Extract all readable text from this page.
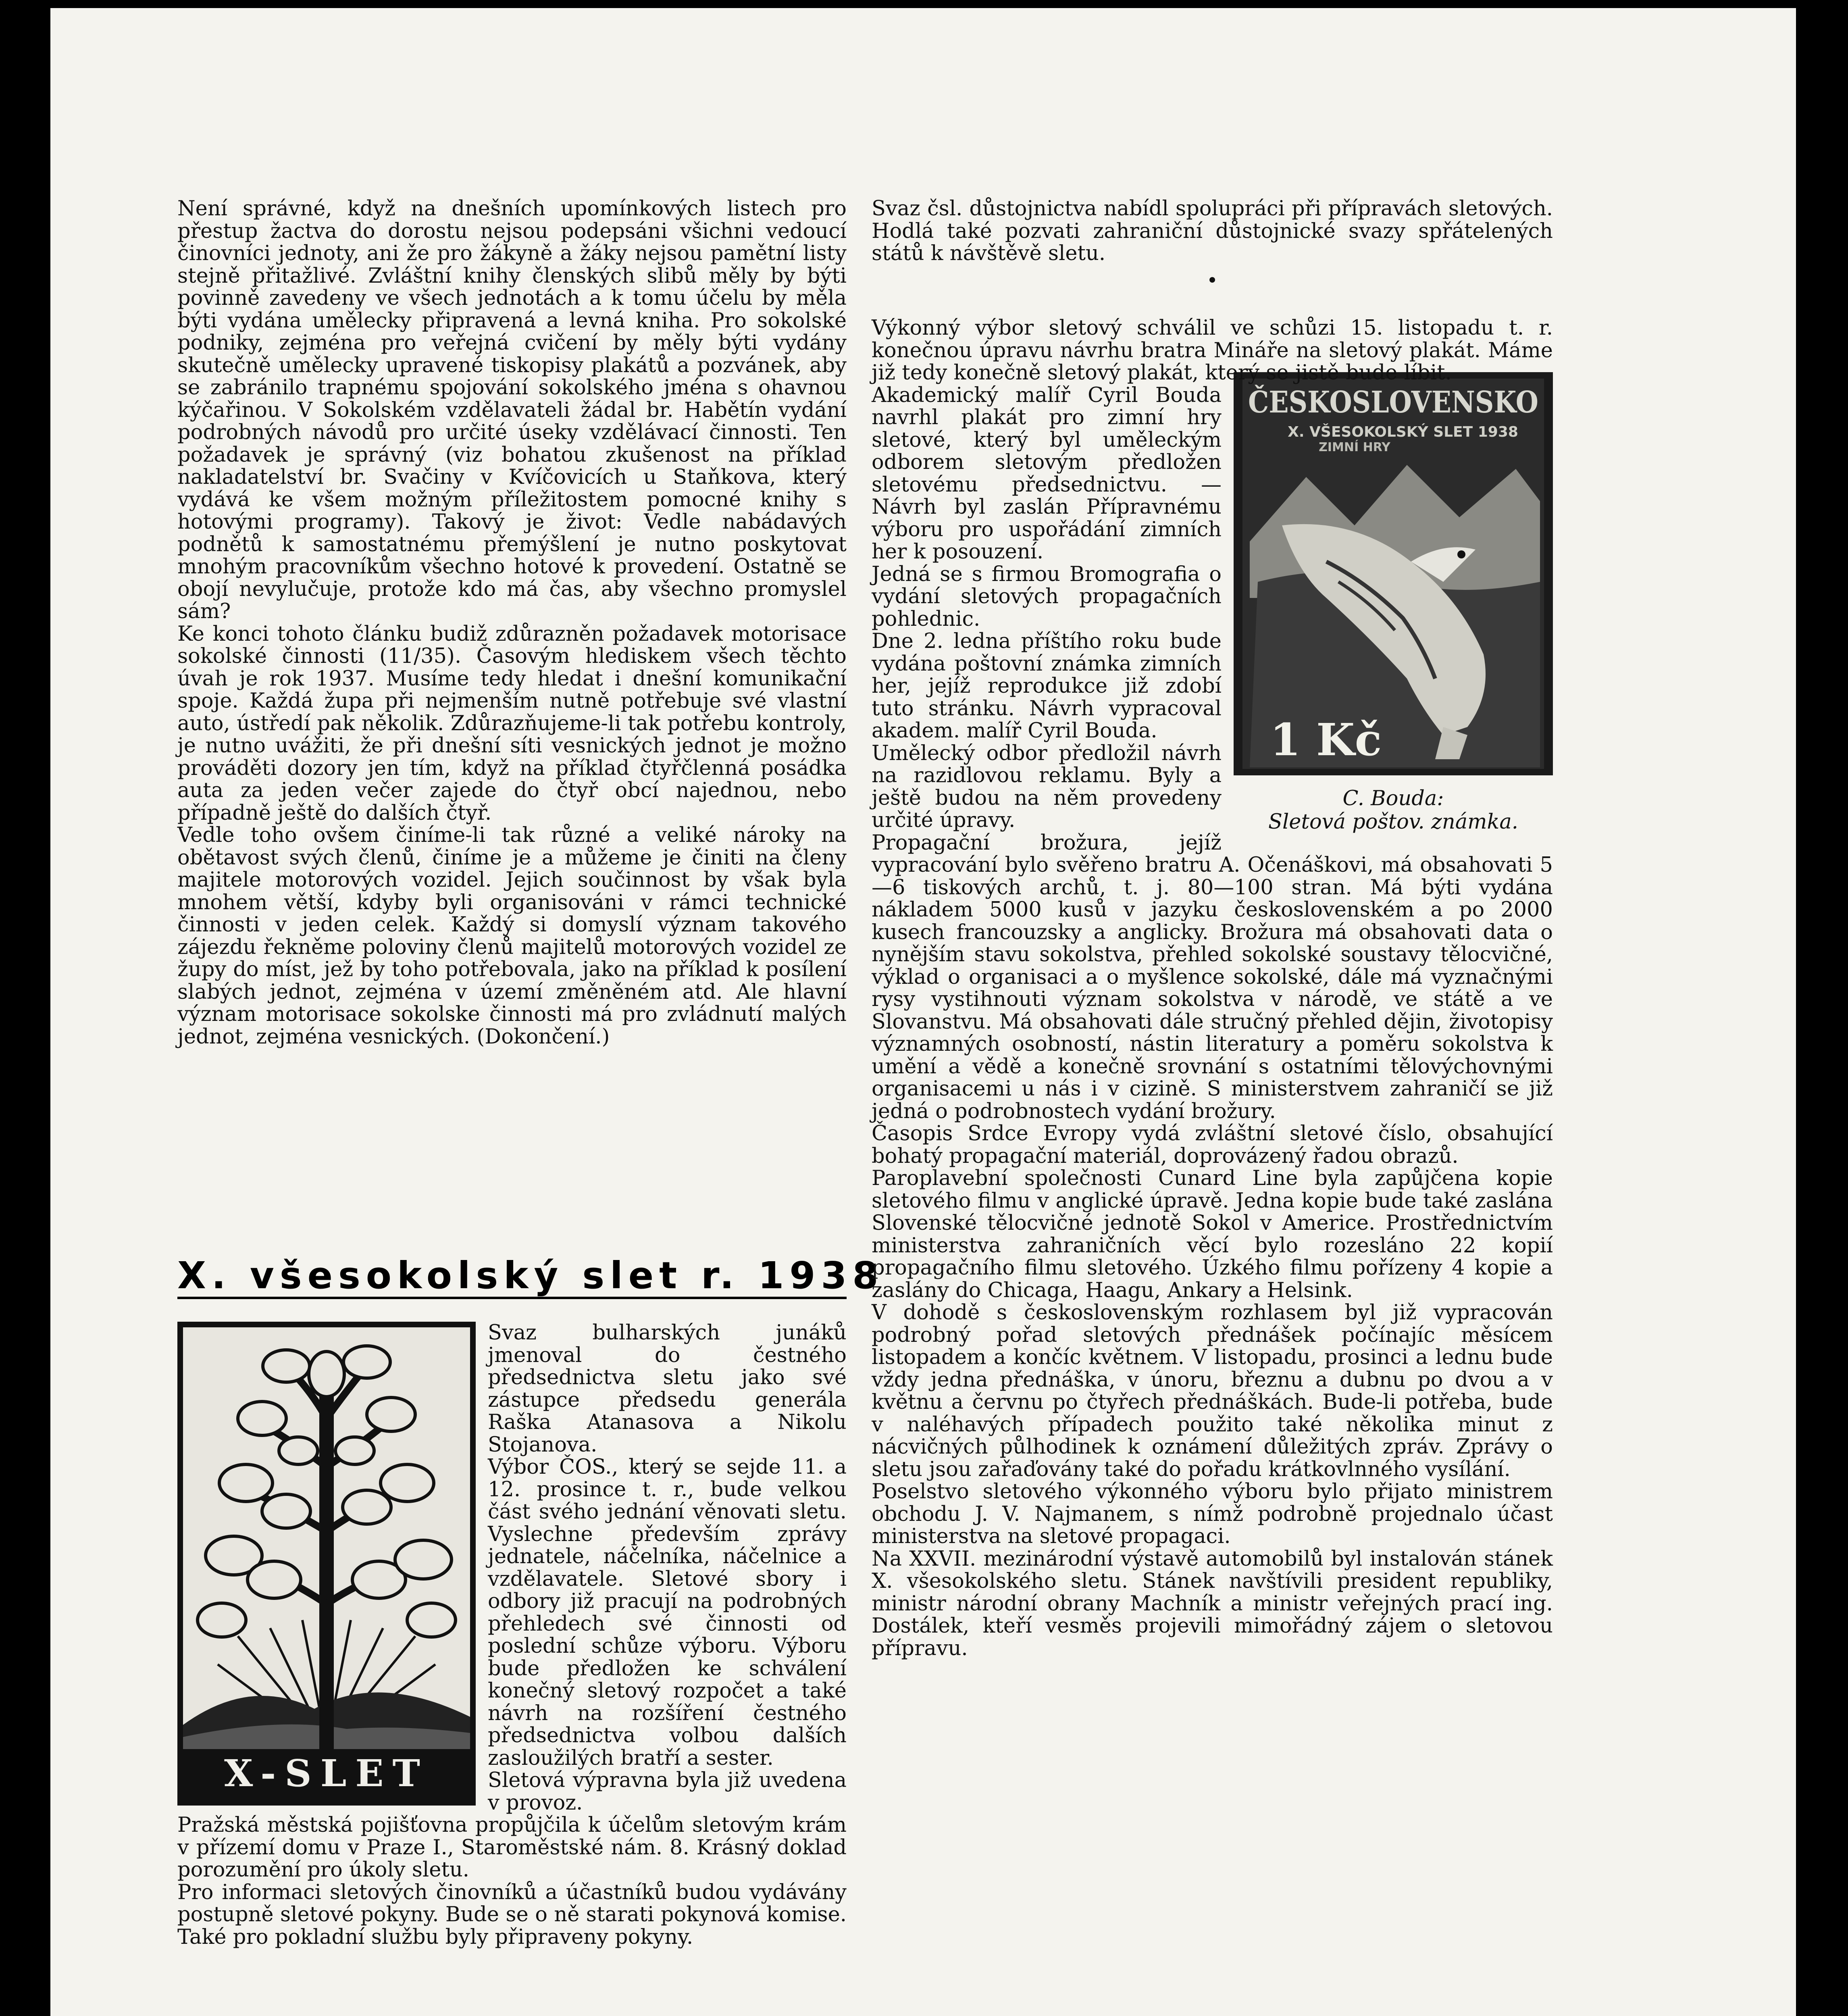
Není správné, když na dnešních upomínkových listech pro přestup žactva do dorostu nejsou podepsáni všichni vedoucí činovníci jednoty, ani že pro žákyně a žáky nejsou pamětní listy stejně přitažlivé. Zvláštní knihy členských slibů měly by býti povinně zavedeny ve všech jednotách a k tomu účelu by měla býti vydána umělecky připravená a levná kniha. Pro sokolské podniky, zejména pro veřejná cvičení by měly býti vydány skutečně umělecky upravené tiskopisy plakátů a pozvánek, aby se zabránilo trapnému spojování sokolského jména s ohavnou kýčařinou. V Sokolském vzdělavateli žádal br. Habětín vydání podrobných návodů pro určité úseky vzdělávací činnosti. Ten požadavek je správný (viz bohatou zkušenost na příklad nakladatelství br. Svačiny v Kvíčovicích u Staňkova, který vydává ke všem možným příležitostem pomocné knihy s hotovými programy). Takový je život: Vedle nabádavých podnětů k samostatnému přemýšlení je nutno poskytovat mnohým pracovníkům všechno hotové k provedení. Ostatně se obojí nevylučuje, protože kdo má čas, aby všechno promyslel sám?

Ke konci tohoto článku budiž zdůrazněn požadavek motorisace sokolské činnosti (11/35). Časovým hlediskem všech těchto úvah je rok 1937. Musíme tedy hledat i dnešní komunikační spoje. Každá župa při nejmenším nutně potřebuje své vlastní auto, ústředí pak několik. Zdůrazňujeme-li tak potřebu kontroly, je nutno uvážiti, že při dnešní síti vesnických jednot je možno prováděti dozory jen tím, když na příklad čtyřčlenná posádka auta za jeden večer zajede do čtyř obcí najednou, nebo případně ještě do dalších čtyř.

Vedle toho ovšem činíme-li tak různé a veliké nároky na obětavost svých členů, činíme je a můžeme je činiti na členy majitele motorových vozidel. Jejich součinnost by však byla mnohem větší, kdyby byli organisováni v rámci technické činnosti v jeden celek. Každý si domyslí význam takového zájezdu řekněme poloviny členů majitelů motorových vozidel ze župy do míst, jež by toho potřebovala, jako na příklad k posílení slabých jednot, zejména v území změněném atd. Ale hlavní význam motorisace sokolske činnosti má pro zvládnutí malých jednot, zejména vesnických. (Dokončení.)

X. všesokolský slet r. 1938
X-SLET

Svaz bulharských junáků jmenoval do čestného předsednictva sletu jako své zástupce předsedu generála Raška Atanasova a Nikolu Stojanova.

Výbor ČOS., který se sejde 11. a 12. prosince t. r., bude velkou část svého jednání věnovati sletu. Vyslechne především zprávy jednatele, náčelníka, náčelnice a vzdělavatele. Sletové sbory i odbory již pracují na podrobných přehledech své činnosti od poslední schůze výboru. Výboru bude předložen ke schválení konečný sletový rozpočet a také návrh na rozšíření čestného předsednictva volbou dalších zasloužilých bratří a sester.

Sletová výpravna byla již uvedena v provoz.

Pražská městská pojišťovna propůjčila k účelům sletovým krám v přízemí domu v Praze I., Staroměstské nám. 8. Krásný doklad porozumění pro úkoly sletu.

Pro informaci sletových činovníků a účastníků budou vydávány postupně sletové pokyny. Bude se o ně starati pokynová komise. Také pro pokladní službu byly připraveny pokyny.

Svaz čsl. důstojnictva nabídl spolupráci při přípravách sletových. Hodlá také pozvati zahraniční důstojnické svazy spřátelených států k návštěvě sletu.

•

Výkonný výbor sletový schválil ve schůzi 15. listopadu t. r. konečnou úpravu návrhu bratra Mináře na sletový plakát. Máme již tedy konečně sletový plakát, který se jistě bude líbit.

ČESKOSLOVENSKO
X. VŠESOKOLSKÝ SLET 1938
ZIMNÍ HRY
1 Kč
C. Bouda:
Sletová poštov. známka.

Akademický malíř Cyril Bouda navrhl plakát pro zimní hry sletové, který byl uměleckým odborem sletovým předložen sletovému předsednictvu. — Návrh byl zaslán Přípravnému výboru pro uspořádání zimních her k posouzení.

Jedná se s firmou Bromografia o vydání sletových propagačních pohlednic.

Dne 2. ledna příštího roku bude vydána poštovní známka zimních her, jejíž reprodukce již zdobí tuto stránku. Návrh vypracoval akadem. malíř Cyril Bouda.

Umělecký odbor předložil návrh na razidlovou reklamu. Byly a ještě budou na něm provedeny určité úpravy.

Propagační brožura, jejíž vypracování bylo svěřeno bratru A. Očenáškovi, má obsahovati 5—6 tiskových archů, t. j. 80—100 stran. Má býti vydána nákladem 5000 kusů v jazyku československém a po 2000 kusech francouzsky a anglicky. Brožura má obsahovati data o nynějším stavu sokolstva, přehled sokolské soustavy tělocvičné, výklad o organisaci a o myšlence sokolské, dále má vyznačnými rysy vystihnouti význam sokolstva v národě, ve státě a ve Slovanstvu. Má obsahovati dále stručný přehled dějin, životopisy významných osobností, nástin literatury a poměru sokolstva k umění a vědě a konečně srovnání s ostatními tělovýchovnými organisacemi u nás i v cizině. S ministerstvem zahraničí se již jedná o podrobnostech vydání brožury.

Časopis Srdce Evropy vydá zvláštní sletové číslo, obsahující bohatý propagační materiál, doprovázený řadou obrazů.

Paroplavební společnosti Cunard Line byla zapůjčena kopie sletového filmu v anglické úpravě. Jedna kopie bude také zaslána Slovenské tělocvičné jednotě Sokol v Americe. Prostřednictvím ministerstva zahraničních věcí bylo rozesláno 22 kopií propagačního filmu sletového. Úzkého filmu pořízeny 4 kopie a zaslány do Chicaga, Haagu, Ankary a Helsink.

V dohodě s československým rozhlasem byl již vypracován podrobný pořad sletových přednášek počínajíc měsícem listopadem a končíc květnem. V listopadu, prosinci a lednu bude vždy jedna přednáška, v únoru, březnu a dubnu po dvou a v květnu a červnu po čtyřech přednáškách. Bude-li potřeba, bude v naléhavých případech použito také několika minut z nácvičných půlhodinek k oznámení důležitých zpráv. Zprávy o sletu jsou zařaďovány také do pořadu krátkovlnného vysílání.

Poselstvo sletového výkonného výboru bylo přijato ministrem obchodu J. V. Najmanem, s nímž podrobně projednalo účast ministerstva na sletové propagaci.

Na XXVII. mezinárodní výstavě automobilů byl instalován stánek X. všesokolského sletu. Stánek navštívili president republiky, ministr národní obrany Machník a ministr veřejných prací ing. Dostálek, kteří vesměs projevili mimořádný zájem o sletovou přípravu.
